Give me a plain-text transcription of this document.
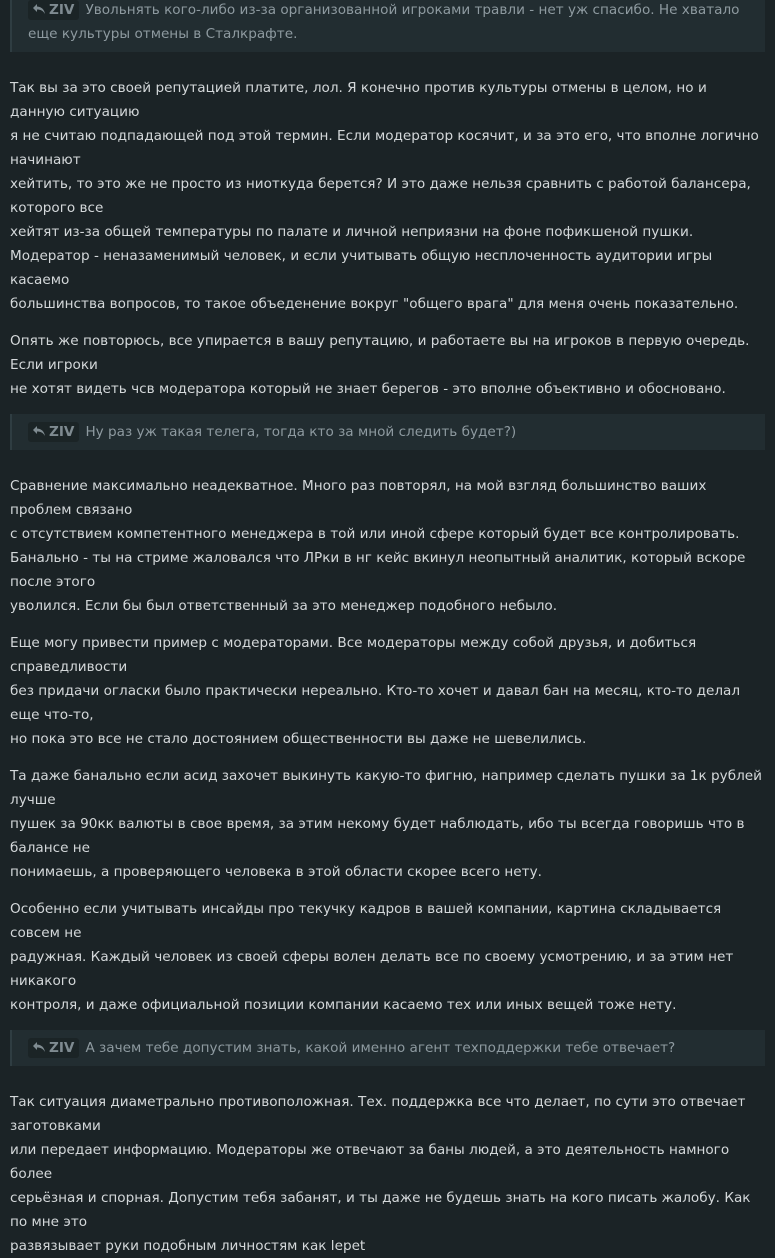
ZIV Увольнять кого-либо из-за организованной игроками травли - нет уж спасибо. Не хватало еще культуры отмены в Сталкрафте.
Так вы за это своей репутацией платите, лол. Я конечно против культуры отмены в целом, но и данную ситуацию
я не считаю подпадающей под этой термин. Если модератор косячит, и за это его, что вполне логично начинают
хейтить, то это же не просто из ниоткуда берется? И это даже нельзя сравнить с работой балансера, которого все
хейтят из-за общей температуры по палате и личной неприязни на фоне пофикшеной пушки.
Модератор - неназаменимый человек, и если учитывать общую несплоченность аудитории игры касаемо
большинства вопросов, то такое объеденение вокруг "общего врага" для меня очень показательно.
Опять же повторюсь, все упирается в вашу репутацию, и работаете вы на игроков в первую очередь. Если игроки
не хотят видеть чсв модератора который не знает берегов - это вполне объективно и обосновано.
ZIV Ну раз уж такая телега, тогда кто за мной следить будет?)
Сравнение максимально неадекватное. Много раз повторял, на мой взгляд большинство ваших проблем связано
с отсутствием компетентного менеджера в той или иной сфере который будет все контролировать.
Банально - ты на стриме жаловался что ЛРки в нг кейс вкинул неопытный аналитик, который вскоре после этого
уволился. Если бы был ответственный за это менеджер подобного небыло.
Еще могу привести пример с модераторами. Все модераторы между собой друзья, и добиться справедливости
без придачи огласки было практически нереально. Кто-то хочет и давал бан на месяц, кто-то делал еще что-то,
но пока это все не стало достоянием общественности вы даже не шевелились.
Та даже банально если асид захочет выкинуть какую-то фигню, например сделать пушки за 1к рублей лучше
пушек за 90кк валюты в свое время, за этим некому будет наблюдать, ибо ты всегда говоришь что в балансе не
понимаешь, а проверяющего человека в этой области скорее всего нету.
Особенно если учитывать инсайды про текучку кадров в вашей компании, картина складывается совсем не
радужная. Каждый человек из своей сферы волен делать все по своему усмотрению, и за этим нет никакого
контроля, и даже официальной позиции компании касаемо тех или иных вещей тоже нету.
ZIV А зачем тебе допустим знать, какой именно агент техподдержки тебе отвечает?
Так ситуация диаметрально противоположная. Тех. поддержка все что делает, по сути это отвечает заготовками
или передает информацию. Модераторы же отвечают за баны людей, а это деятельность намного более
серьёзная и спорная. Допустим тебя забанят, и ты даже не будешь знать на кого писать жалобу. Как по мне это
развязывает руки подобным личностям как lepet
